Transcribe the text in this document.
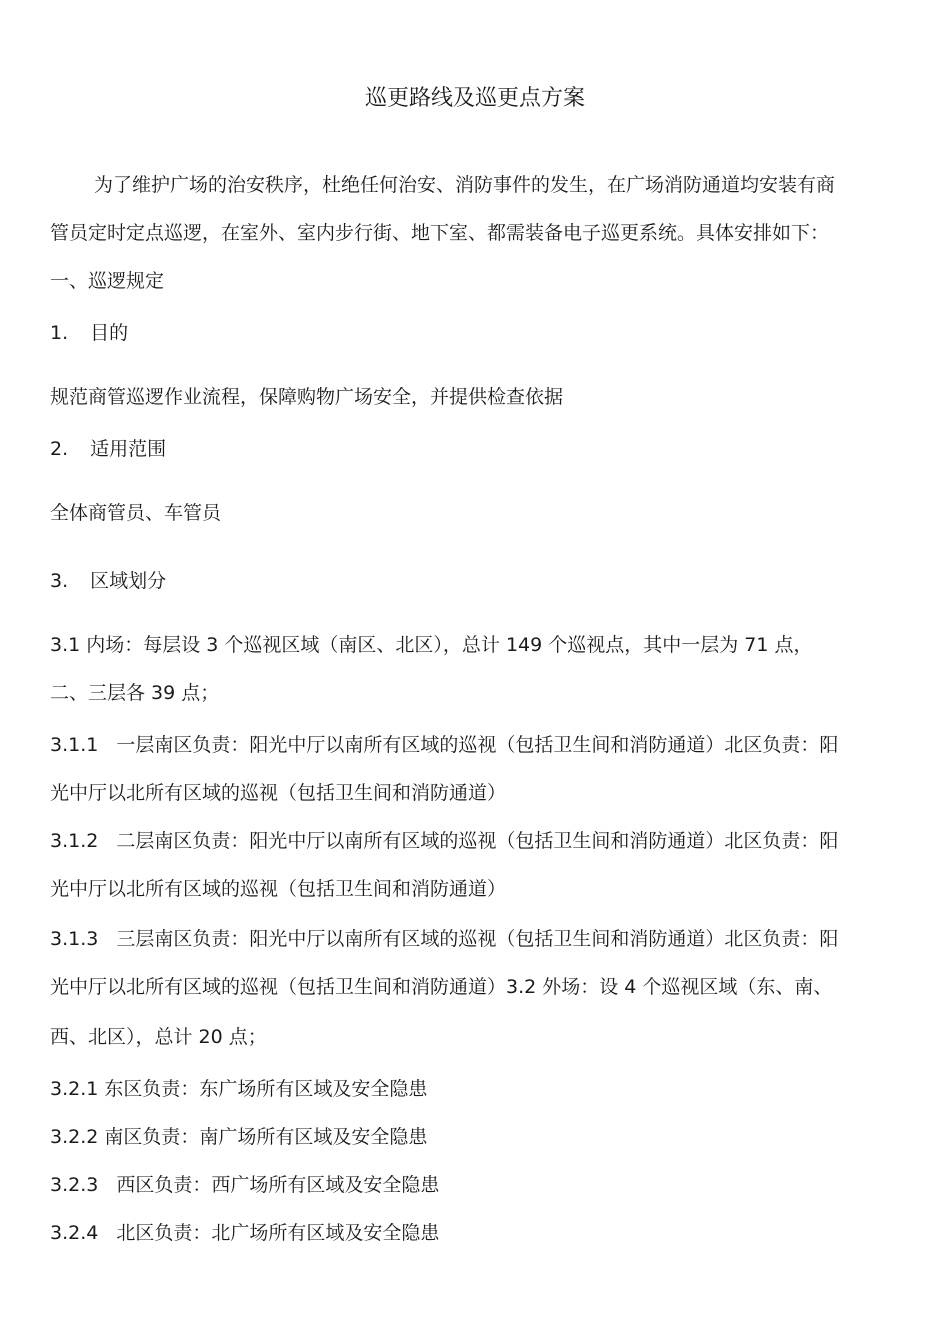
巡更路线及巡更点方案
为了维护广场的治安秩序，杜绝任何治安、消防事件的发生，在广场消防通道均安装有商
管员定时定点巡逻，在室外、室内步行街、地下室、都需装备电子巡更系统。具体安排如下：
一、巡逻规定
1. 目的
规范商管巡逻作业流程，保障购物广场安全，并提供检查依据
2. 适用范围
全体商管员、车管员
3. 区域划分
3.1 内场：每层设 3 个巡视区域（南区、北区），总计 149 个巡视点，其中一层为 71 点，
二、三层各 39 点；
3.1.1 一层南区负责：阳光中厅以南所有区域的巡视（包括卫生间和消防通道）北区负责：阳
光中厅以北所有区域的巡视（包括卫生间和消防通道）
3.1.2 二层南区负责：阳光中厅以南所有区域的巡视（包括卫生间和消防通道）北区负责：阳
光中厅以北所有区域的巡视（包括卫生间和消防通道）
3.1.3 三层南区负责：阳光中厅以南所有区域的巡视（包括卫生间和消防通道）北区负责：阳
光中厅以北所有区域的巡视（包括卫生间和消防通道）3.2 外场：设 4 个巡视区域（东、南、
西、北区），总计 20 点；
3.2.1 东区负责：东广场所有区域及安全隐患
3.2.2 南区负责：南广场所有区域及安全隐患
3.2.3 西区负责：西广场所有区域及安全隐患
3.2.4 北区负责：北广场所有区域及安全隐患
